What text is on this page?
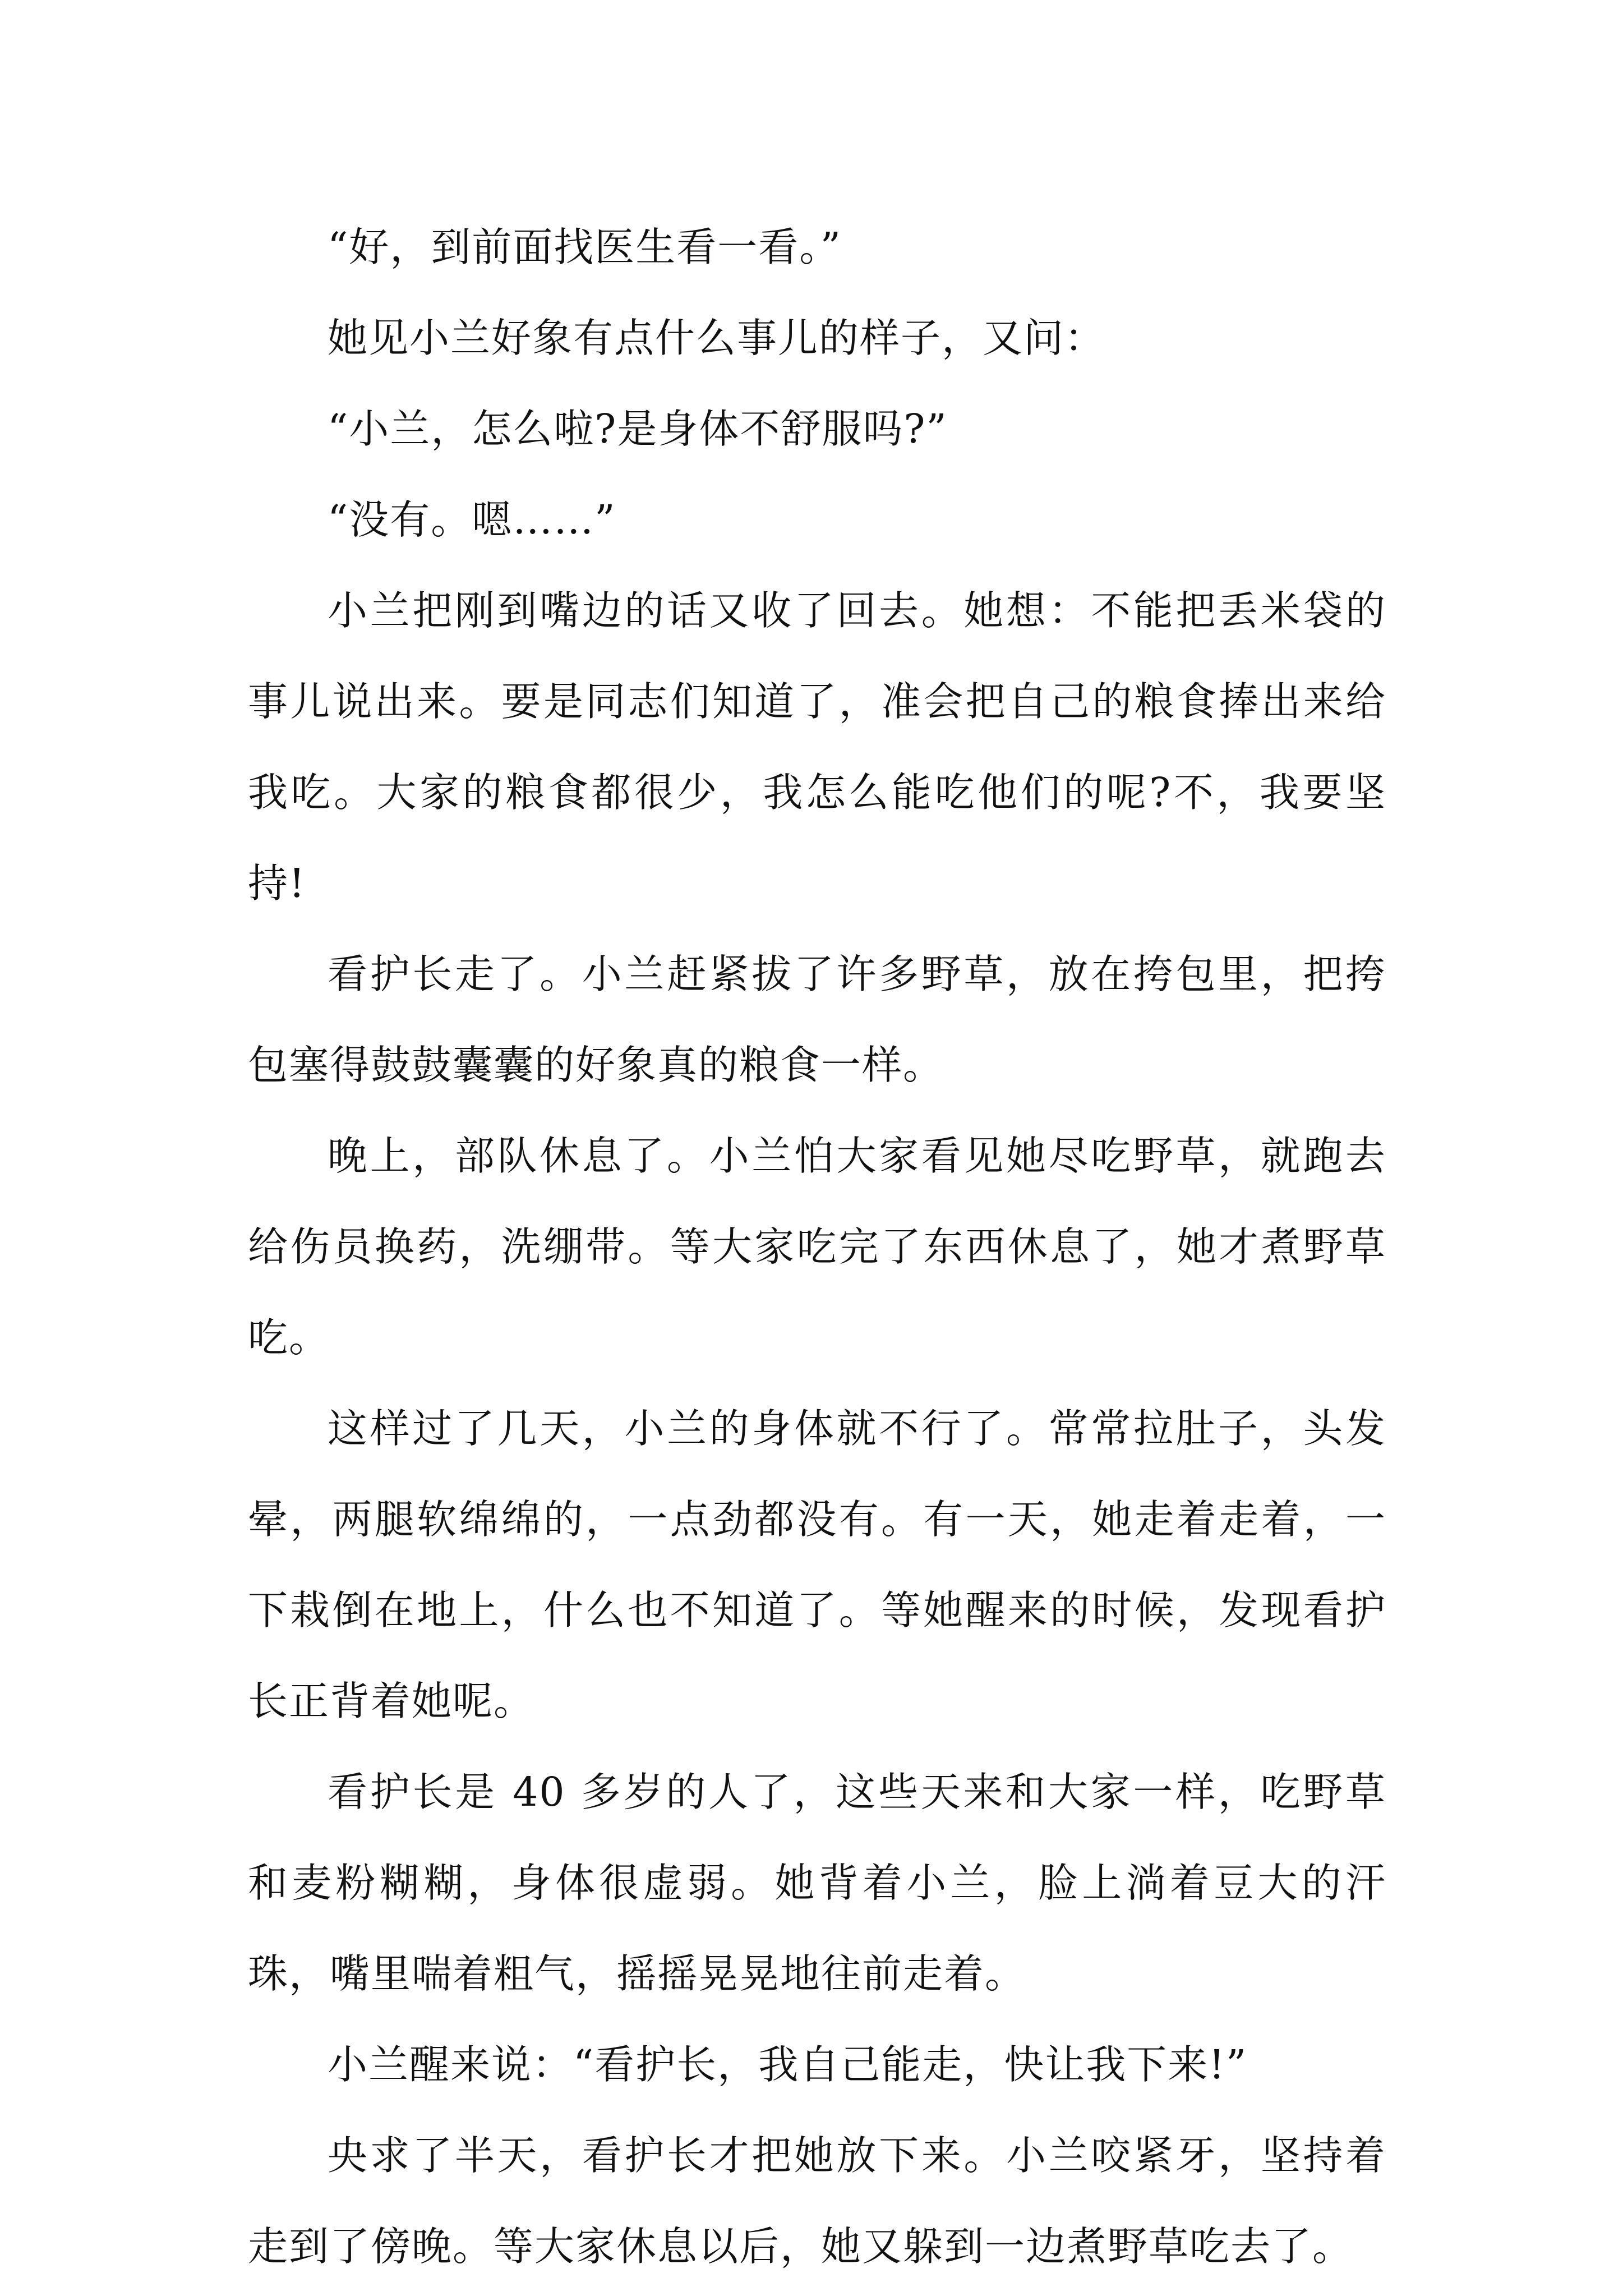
“好，到前面找医生看一看。”

她见小兰好象有点什么事儿的样子，又问：

“小兰，怎么啦?是身体不舒服吗?”

“没有。嗯……”

小兰把刚到嘴边的话又收了回去。她想：不能把丢米袋的事儿说出来。要是同志们知道了，准会把自己的粮食捧出来给我吃。大家的粮食都很少，我怎么能吃他们的呢?不，我要坚持!

看护长走了。小兰赶紧拔了许多野草，放在挎包里，把挎包塞得鼓鼓囊囊的好象真的粮食一样。

晚上，部队休息了。小兰怕大家看见她尽吃野草，就跑去给伤员换药，洗绷带。等大家吃完了东西休息了，她才煮野草吃。

这样过了几天，小兰的身体就不行了。常常拉肚子，头发晕，两腿软绵绵的，一点劲都没有。有一天，她走着走着，一下栽倒在地上，什么也不知道了。等她醒来的时候，发现看护长正背着她呢。

看护长是 40 多岁的人了，这些天来和大家一样，吃野草和麦粉糊糊，身体很虚弱。她背着小兰，脸上淌着豆大的汗珠，嘴里喘着粗气，摇摇晃晃地往前走着。

小兰醒来说：“看护长，我自己能走，快让我下来!”

央求了半天，看护长才把她放下来。小兰咬紧牙，坚持着走到了傍晚。等大家休息以后，她又躲到一边煮野草吃去了。
